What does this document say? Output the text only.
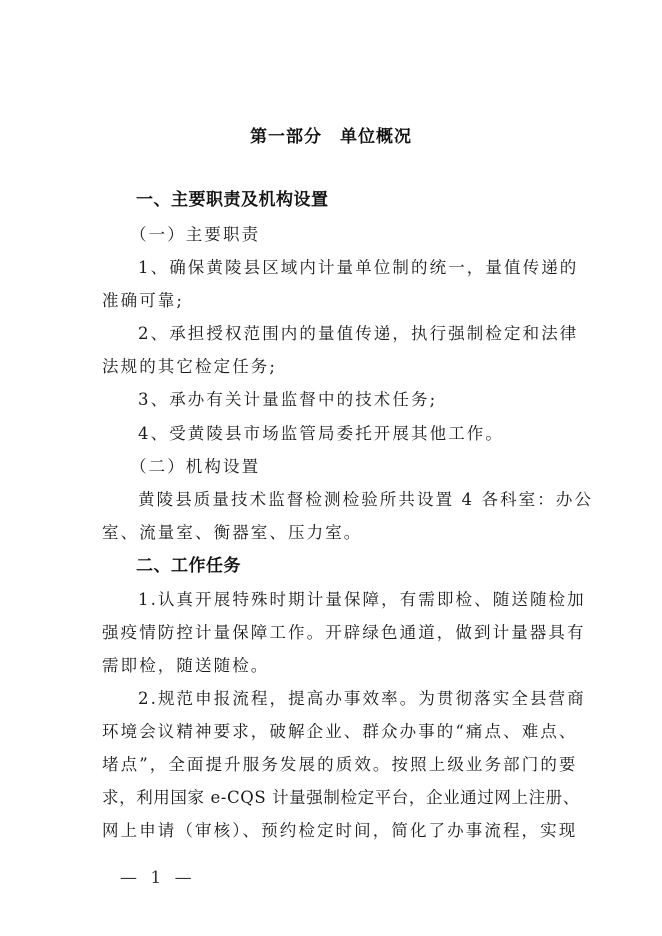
第一部分　单位概况
一、主要职责及机构设置
（一）主要职责
1、确保黄陵县区域内计量单位制的统一，量值传递的
准确可靠;
2、承担授权范围内的量值传递，执行强制检定和法律
法规的其它检定任务;
3、承办有关计量监督中的技术任务;
4、受黄陵县市场监管局委托开展其他工作。
（二）机构设置
黄陵县质量技术监督检测检验所共设置 4 各科室：办公
室、流量室、衡器室、压力室。
二、工作任务
1.认真开展特殊时期计量保障，有需即检、随送随检加
强疫情防控计量保障工作。开辟绿色通道，做到计量器具有
需即检，随送随检。
2.规范申报流程，提高办事效率。为贯彻落实全县营商
环境会议精神要求，破解企业、群众办事的“痛点、难点、
堵点”，全面提升服务发展的质效。按照上级业务部门的要
求，利用国家 e-CQS 计量强制检定平台，企业通过网上注册、
网上申请（审核）、预约检定时间，简化了办事流程，实现
— 1 —
